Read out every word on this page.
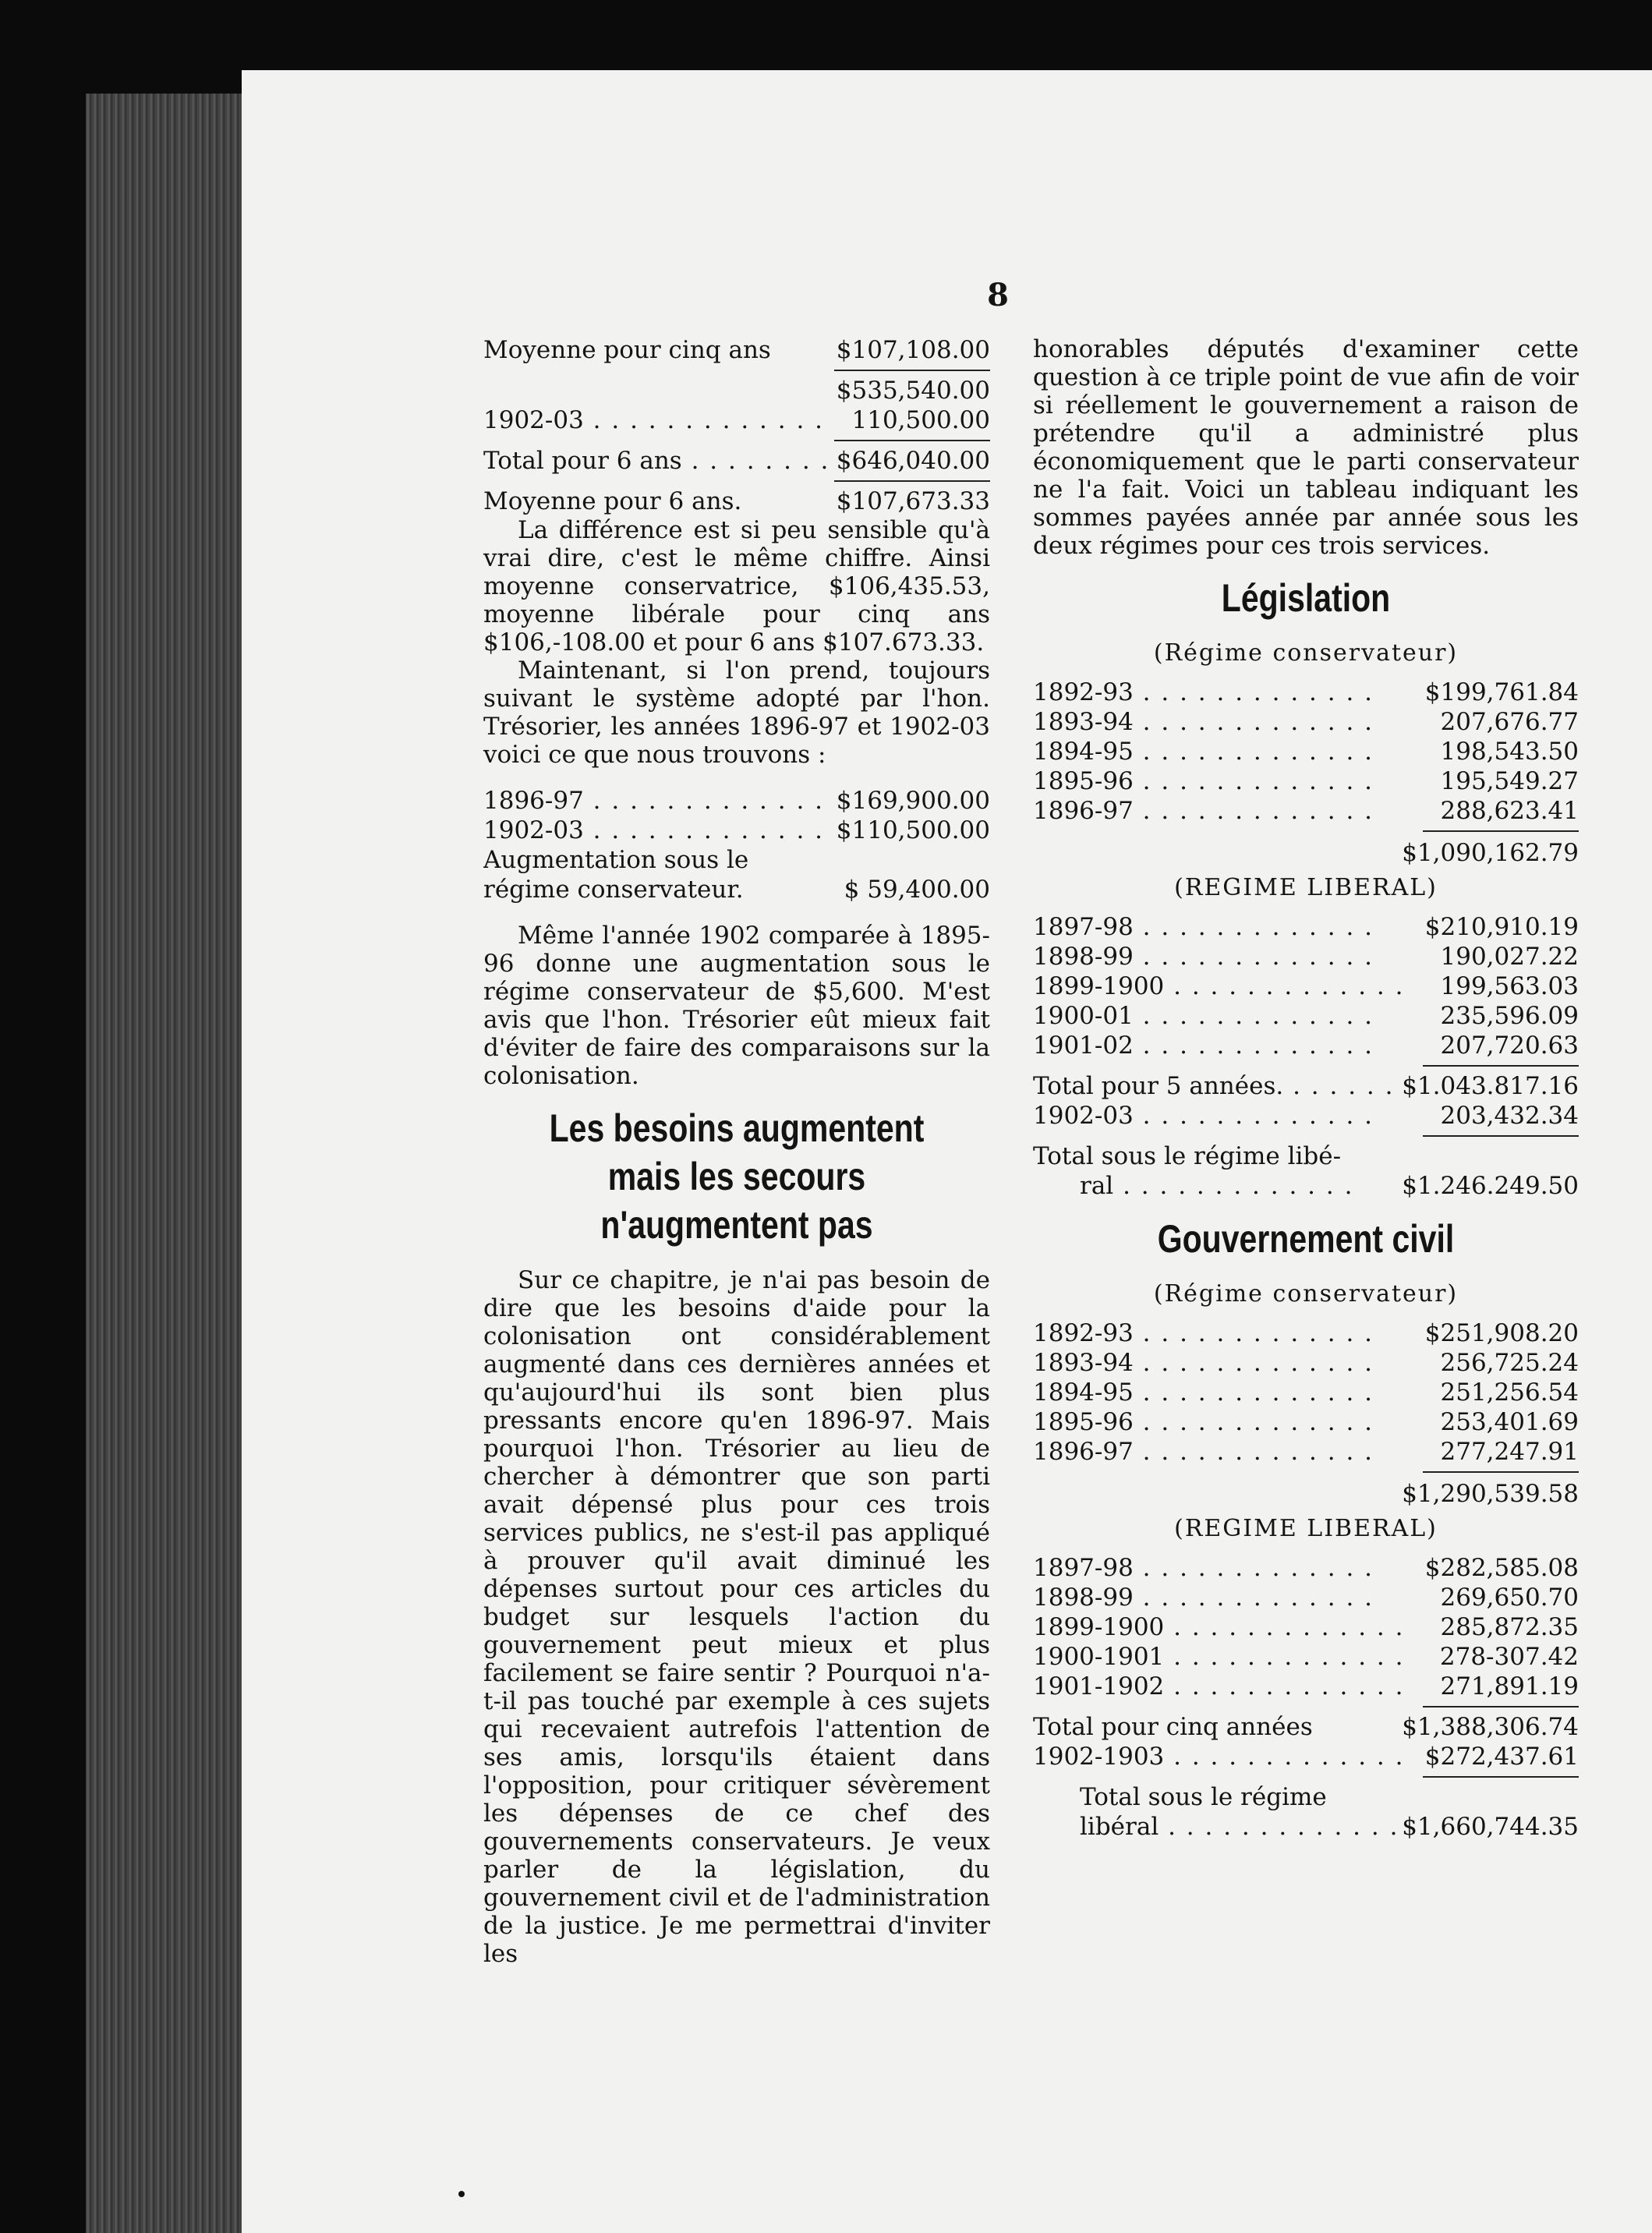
8
Moyenne pour cinq ans	$107,108.00
$535,540.00
1902-03 . . .	110,500.00
Total pour 6 ans . . .	$646,040.00
Moyenne pour 6 ans.	$107,673.33

La différence est si peu sensible qu'à vrai dire, c'est le même chiffre. Ainsi moyenne conservatrice, $106,435.53, moyenne libérale pour cinq ans $106,-108.00 et pour 6 ans $107.673.33.

Maintenant, si l'on prend, toujours suivant le système adopté par l'hon. Trésorier, les années 1896-97 et 1902-03 voici ce que nous trouvons :

1896-97 . . .	$169,900.00
1902-03 . . .	$110,500.00
Augmentation sous le régime conservateur.	$ 59,400.00

Même l'année 1902 comparée à 1895-96 donne une augmentation sous le régime conservateur de $5,600. M'est avis que l'hon. Trésorier eût mieux fait d'éviter de faire des comparaisons sur la colonisation.

Les besoins augmentent mais les secours n'augmentent pas

Sur ce chapitre, je n'ai pas besoin de dire que les besoins d'aide pour la colonisation ont considérablement augmenté dans ces dernières années et qu'aujourd'hui ils sont bien plus pressants encore qu'en 1896-97. Mais pourquoi l'hon. Trésorier au lieu de chercher à démontrer que son parti avait dépensé plus pour ces trois services publics, ne s'est-il pas appliqué à prouver qu'il avait diminué les dépenses surtout pour ces articles du budget sur lesquels l'action du gouvernement peut mieux et plus facilement se faire sentir ? Pourquoi n'a-t-il pas touché par exemple à ces sujets qui recevaient autrefois l'attention de ses amis, lorsqu'ils étaient dans l'opposition, pour critiquer sévèrement les dépenses de ce chef des gouvernements conservateurs. Je veux parler de la législation, du gouvernement civil et de l'administration de la justice. Je me permettrai d'inviter les

honorables députés d'examiner cette question à ce triple point de vue afin de voir si réellement le gouvernement a raison de prétendre qu'il a administré plus économiquement que le parti conservateur ne l'a fait. Voici un tableau indiquant les sommes payées année par année sous les deux régimes pour ces trois services.

Législation
(Régime conservateur)
1892-93 . . .	$199,761.84
1893-94 . . .	207,676.77
1894-95 . . .	198,543.50
1895-96 . . .	195,549.27
1896-97 . . .	288,623.41
$1,090,162.79
(REGIME LIBERAL)
1897-98 . . .	$210,910.19
1898-99 . . .	190,027.22
1899-1900 . . .	199,563.03
1900-01 . . .	235,596.09
1901-02 . . .	207,720.63
Total pour 5 années. . . .	$1.043.817.16
1902-03 . . .	203,432.34
Total sous le régime libé-
ral . . .	$1.246.249.50
Gouvernement civil
(Régime conservateur)
1892-93 . . .	$251,908.20
1893-94 . . .	256,725.24
1894-95 . . .	251,256.54
1895-96 . . .	253,401.69
1896-97 . . .	277,247.91
$1,290,539.58
(REGIME LIBERAL)
1897-98 . . .	$282,585.08
1898-99 . . .	269,650.70
1899-1900 . . .	285,872.35
1900-1901 . . .	278-307.42
1901-1902 . . .	271,891.19
Total pour cinq années	$1,388,306.74
1902-1903 . . .	$272,437.61
Total sous le régime
libéral . . .	$1,660,744.35
